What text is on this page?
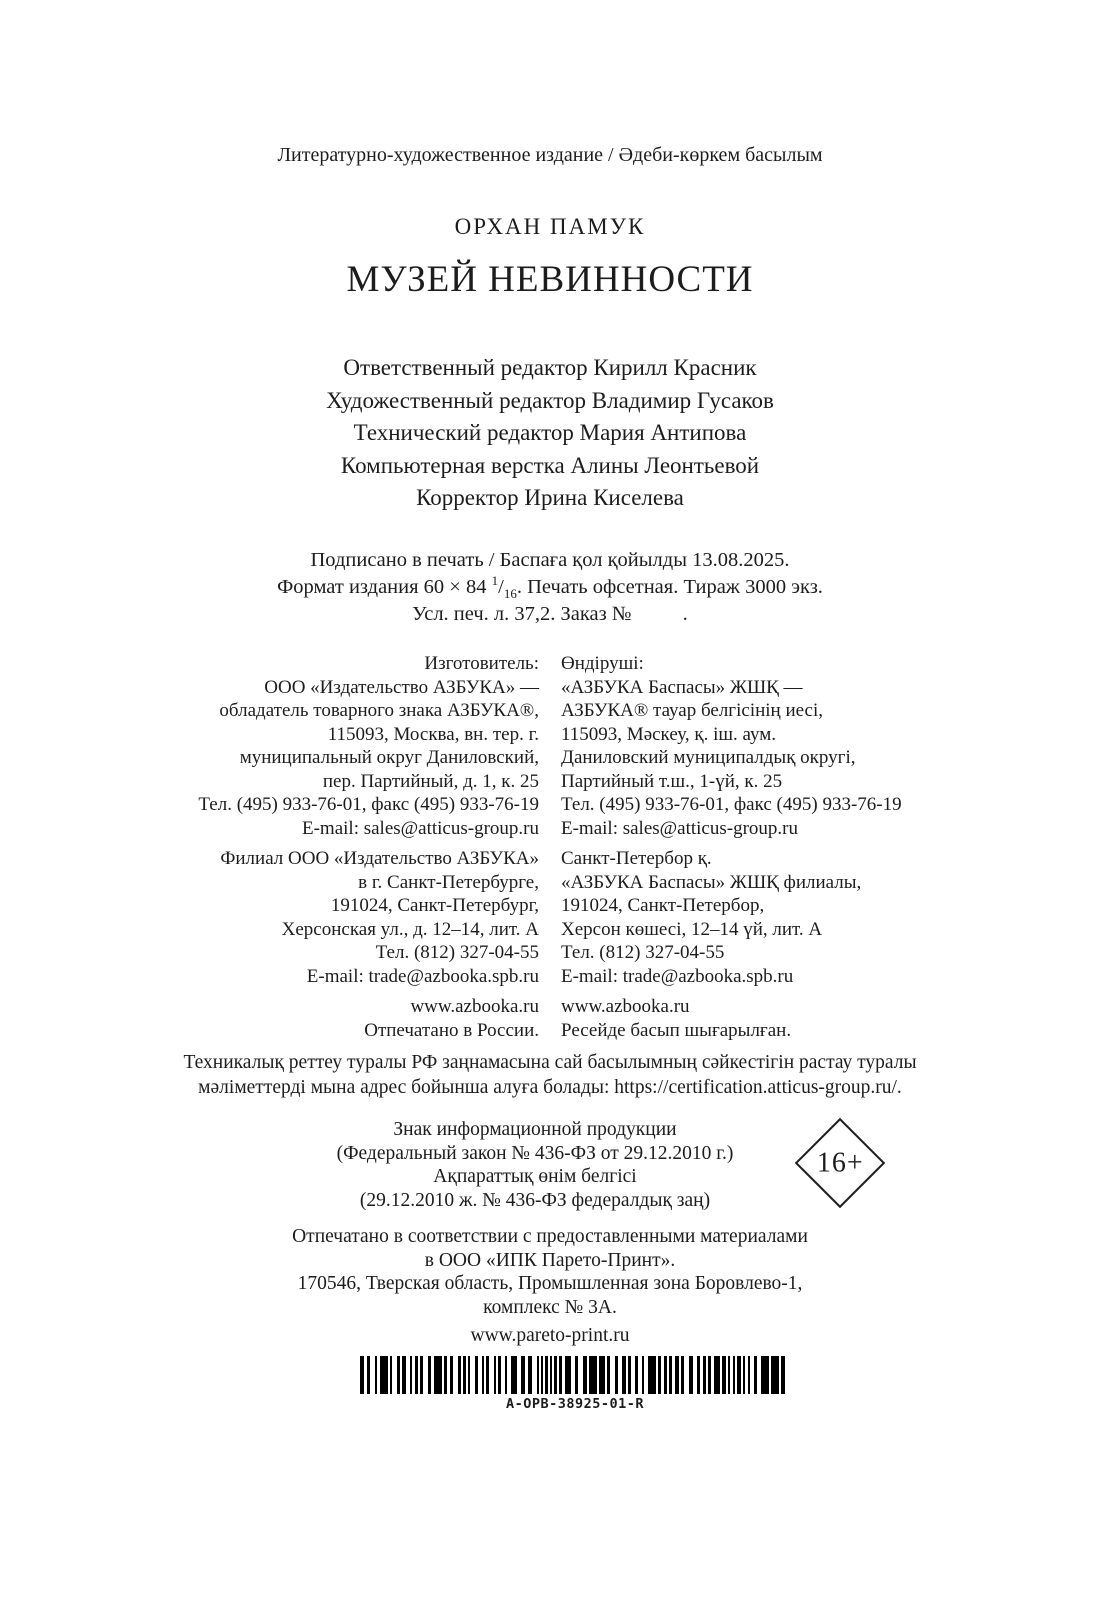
Литературно-художественное издание / Әдеби-көркем басылым
ОРХАН ПАМУК
МУЗЕЙ НЕВИННОСТИ
Ответственный редактор Кирилл Красник
Художественный редактор Владимир Гусаков
Технический редактор Мария Антипова
Компьютерная верстка Алины Леонтьевой
Корректор Ирина Киселева
Подписано в печать / Баспаға қол қойылды 13.08.2025.
Формат издания 60 × 84 $^1/_{16}$. Печать офсетная. Тираж 3000 экз.
Усл. печ. л. 37,2. Заказ №          .
Изготовитель:
ООО «Издательство АЗБУКА» —
обладатель товарного знака АЗБУКА®,
115093, Москва, вн. тер. г.
муниципальный округ Даниловский,
пер. Партийный, д. 1, к. 25
Тел. (495) 933-76-01, факс (495) 933-76-19
E-mail: sales@atticus-group.ru
Филиал ООО «Издательство АЗБУКА»
в г. Санкт-Петербурге,
191024, Санкт-Петербург,
Херсонская ул., д. 12–14, лит. А
Тел. (812) 327-04-55
E-mail: trade@azbooka.spb.ru
www.azbooka.ru
Отпечатано в России.
Өндіруші:
«АЗБУКА Баспасы» ЖШҚ —
АЗБУКА® тауар белгісінің иесі,
115093, Мәскеу, қ. іш. аум.
Даниловский муниципалдық округі,
Партийный т.ш., 1-үй, к. 25
Тел. (495) 933-76-01, факс (495) 933-76-19
E-mail: sales@atticus-group.ru
Санкт-Петербор қ.
«АЗБУКА Баспасы» ЖШҚ филиалы,
191024, Санкт-Петербор,
Херсон көшесі, 12–14 үй, лит. А
Тел. (812) 327-04-55
E-mail: trade@azbooka.spb.ru
www.azbooka.ru
Ресейде басып шығарылған.
Техникалық реттеу туралы РФ заңнамасына сай басылымның сәйкестігін растау туралы
мәліметтерді мына адрес бойынша алуға болады: https://certification.atticus-group.ru/.
Знак информационной продукции
(Федеральный закон № 436-ФЗ от 29.12.2010 г.)
Ақпараттық өнім белгісі
(29.12.2010 ж. № 436-ФЗ федералдық заң)
16+
Отпечатано в соответствии с предоставленными материалами
в ООО «ИПК Парето-Принт».
170546, Тверская область, Промышленная зона Боровлево-1,
комплекс № 3А.
www.pareto-print.ru
A-OPB-38925-01-R
